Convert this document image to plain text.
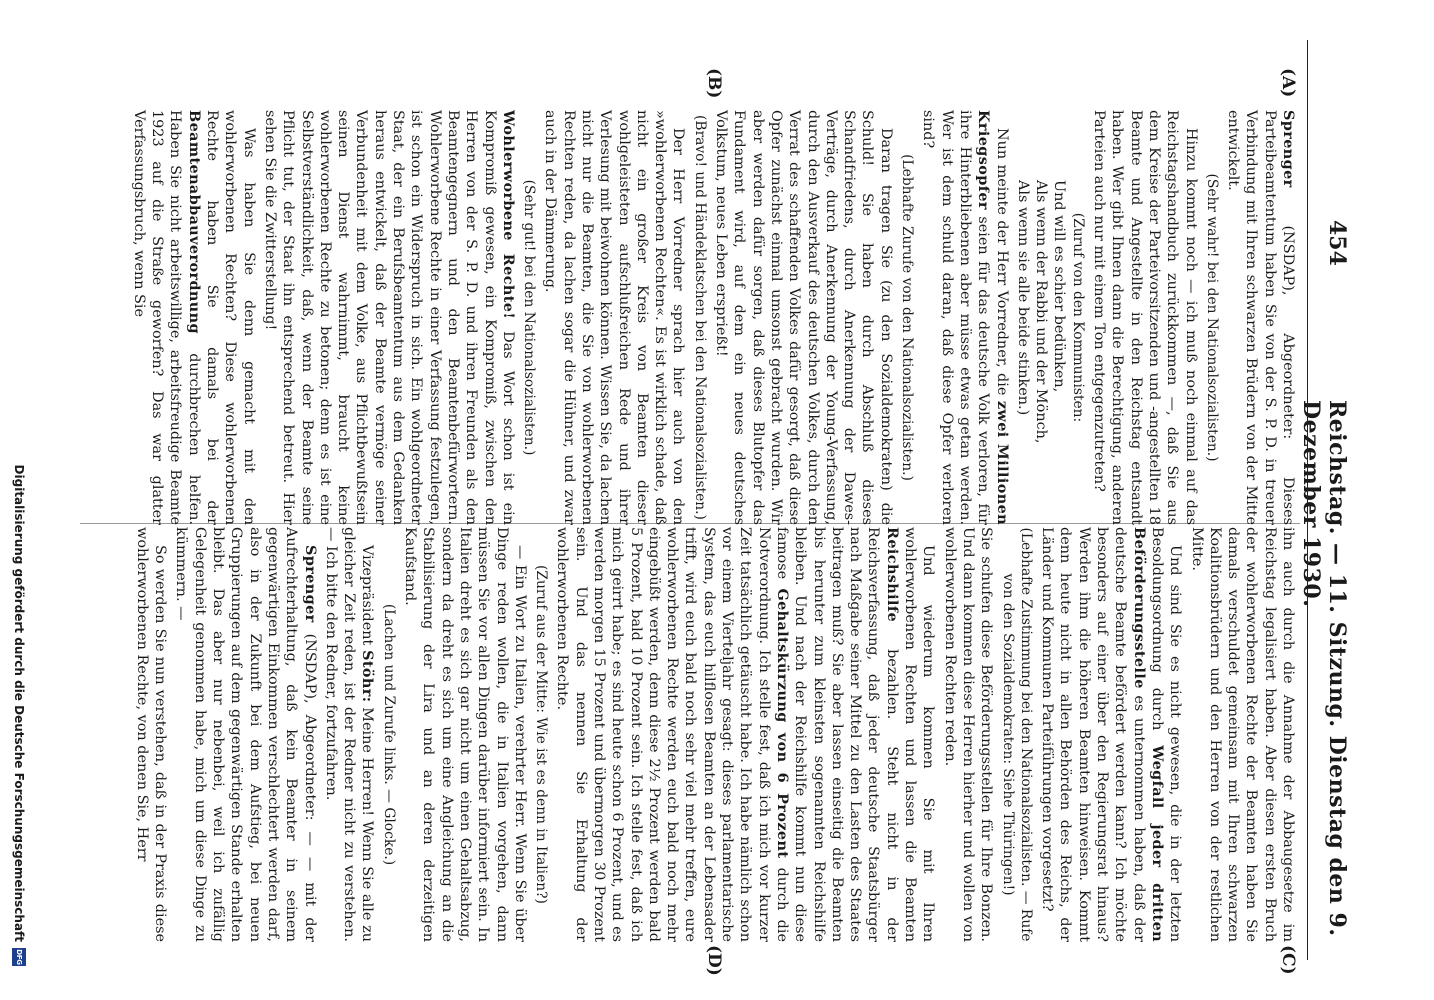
454
Reichstag. — 11. Sitzung. Dienstag den 9. Dezember 1930.
(A)
(B)
(C)
(D)

Sprenger (NSDAP), Abgeordneter: Dieses Parteibeamtentum haben Sie von der S. P. D. in treuer Verbindung mit Ihren schwarzen Brüdern von der Mitte entwickelt.

(Sehr wahr! bei den Nationalsozialisten.)

Hinzu kommt noch — ich muß noch einmal auf das Reichstagshandbuch zurückkommen —, daß Sie aus dem Kreise der Parteivorsitzenden und -angestellten 18 Beamte und Angestellte in den Reichstag entsandt haben. Wer gibt Ihnen dann die Berechtigung, anderen Parteien auch nur mit einem Ton entgegenzutreten?

(Zuruf von den Kommunisten:

Und will es schier bedünken,

Als wenn der Rabbi und der Mönch,

Als wenn sie alle beide stinken.)

Nun meinte der Herr Vorredner, die zwei Millionen Kriegsopfer seien für das deutsche Volk verloren, für ihre Hinterbliebenen aber müsse etwas getan werden. Wer ist dem schuld daran, daß diese Opfer verloren sind?

(Lebhafte Zurufe von den Nationalsozialisten.)

Daran tragen Sie (zu den Sozialdemokraten) die Schuld! Sie haben durch Abschluß dieses Schandfriedens, durch Anerkennung der Dawes-Verträge, durch Anerkennung der Young-Verfassung, durch den Ausverkauf des deutschen Volkes, durch den Verrat des schaffenden Volkes dafür gesorgt, daß diese Opfer zunächst einmal umsonst gebracht wurden. Wir aber werden dafür sorgen, daß dieses Blutopfer das Fundament wird, auf dem ein neues deutsches Volkstum, neues Leben ersprießt!

(Bravo! und Händeklatschen bei den Nationalsozialisten.)

Der Herr Vorredner sprach hier auch von den »wohlerworbenen Rechten«. Es ist wirklich schade, daß nicht ein großer Kreis von Beamten dieser wohlgeleisteten aufschlußreichen Rede und ihrer Verlesung mit beiwohnen können. Wissen Sie, da lachen nicht nur die Beamten, die Sie von wohlerworbenen Rechten reden, da lachen sogar die Hühner, und zwar auch in der Dämmerung.

(Sehr gut! bei den Nationalsozialisten.)

Wohlerworbene Rechte! Das Wort schon ist ein Kompromiß gewesen, ein Kompromiß, zwischen den Herren von der S. P. D. und ihren Freunden als den Beamtengegnern und den Beamtenbefürwortern. Wohlerworbene Rechte in einer Verfassung festzulegen, ist schon ein Widerspruch in sich. Ein wohlgeordneter Staat, der ein Berufsbeamtentum aus dem Gedanken heraus entwickelt, daß der Beamte vermöge seiner Verbundenheit mit dem Volke, aus Pflichtbewußtsein seinen Dienst wahrnimmt, braucht keine wohlerworbenen Rechte zu betonen; denn es ist eine Selbstverständlichkeit, daß, wenn der Beamte seine Pflicht tut, der Staat ihn entsprechend betreut. Hier sehen Sie die Zwitterstellung!

Was haben Sie denn gemacht mit den wohlerworbenen Rechten? Diese wohlerworbenen Rechte haben Sie damals bei der Beamtenabbauverordnung durchbrechen helfen. Haben Sie nicht arbeitswillige, arbeitsfreudige Beamte 1923 auf die Straße geworfen? Das war glatter Verfassungsbruch, wenn Sie

ihn auch durch die Annahme der Abbaugesetze im Reichstag legalisiert haben. Aber diesen ersten Bruch der wohlerworbenen Rechte der Beamten haben Sie damals verschuldet gemeinsam mit Ihren schwarzen Koalitionsbrüdern und den Herren von der restlichen Mitte.

Und sind Sie es nicht gewesen, die in der letzten Besoldungsordnung durch Wegfall jeder dritten Beförderungsstelle es unternommen haben, daß der deutsche Beamte befördert werden kann? Ich möchte besonders auf einer über den Regierungsrat hinaus? Werden ihm die höheren Beamten hinweisen. Kommt denn heute nicht in allen Behörden des Reichs, der Länder und Kommunen Parteiführungen vorgesetzt?

(Lebhafte Zustimmung bei den Nationalsozialisten. — Rufe von den Sozialdemokraten: Siehe Thüringen!)

Sie schufen diese Beförderungsstellen für Ihre Bonzen. Und dann kommen diese Herren hierher und wollen von wohlerworbenen Rechten reden.

Und wiederum kommen Sie mit Ihren wohlerworbenen Rechten und lassen die Beamten Reichshilfe bezahlen. Steht nicht in der Reichsverfassung, daß jeder deutsche Staatsbürger nach Maßgabe seiner Mittel zu den Lasten des Staates beitragen muß? Sie aber lassen einseitig die Beamten bis herunter zum kleinsten sogenannten Reichshilfe bleiben. Und nach der Reichshilfe kommt nun diese famose Gehaltskürzung von 6 Prozent durch die Notverordnung. Ich stelle fest, daß ich mich vor kurzer Zeit tatsächlich getäuscht habe. Ich habe nämlich schon vor einem Vierteljahr gesagt: dieses parlamentarische System, das euch hilflosen Beamten an der Lebensader trifft, wird euch bald noch sehr viel mehr treffen, eure wohlerworbenen Rechte werden euch bald noch mehr eingebüßt werden, denn diese 2½ Prozent werden bald 5 Prozent, bald 10 Prozent sein. Ich stelle fest, daß ich mich geirrt habe; es sind heute schon 6 Prozent, und es werden morgen 15 Prozent und übermorgen 30 Prozent sein. Und das nennen Sie Erhaltung der wohlerworbenen Rechte.

(Zuruf aus der Mitte: Wie ist es denn in Italien?)

— Ein Wort zu Italien, verehrter Herr. Wenn Sie über Dinge reden wollen, die in Italien vorgehen, dann müssen Sie vor allen Dingen darüber informiert sein. In Italien dreht es sich gar nicht um einen Gehaltsabzug, sondern da dreht es sich um eine Angleichung an die Stabilisierung der Lira und an deren derzeitigen Kaufstand.

(Lachen und Zurufe links. — Glocke.)

Vizepräsident Stöhr: Meine Herren! Wenn Sie alle zu gleicher Zeit reden, ist der Redner nicht zu verstehen. — Ich bitte den Redner, fortzufahren.

Sprenger (NSDAP), Abgeordneter: — — mit der Aufrechterhaltung, daß kein Beamter in seinem gegenwärtigen Einkommen verschlechtert werden darf, also in der Zukunft bei dem Aufstieg, bei neuen Gruppierungen auf dem gegenwärtigen Stande erhalten bleibt. Das aber nur nebenbei, weil ich zufällig Gelegenheit genommen habe, mich um diese Dinge zu kümmern. —

So werden Sie nun verstehen, daß in der Praxis diese wohlerworbenen Rechte, von denen Sie, Herr

Digitalisierung gefördert durch die Deutsche Forschungsgemeinschaft
DFG
